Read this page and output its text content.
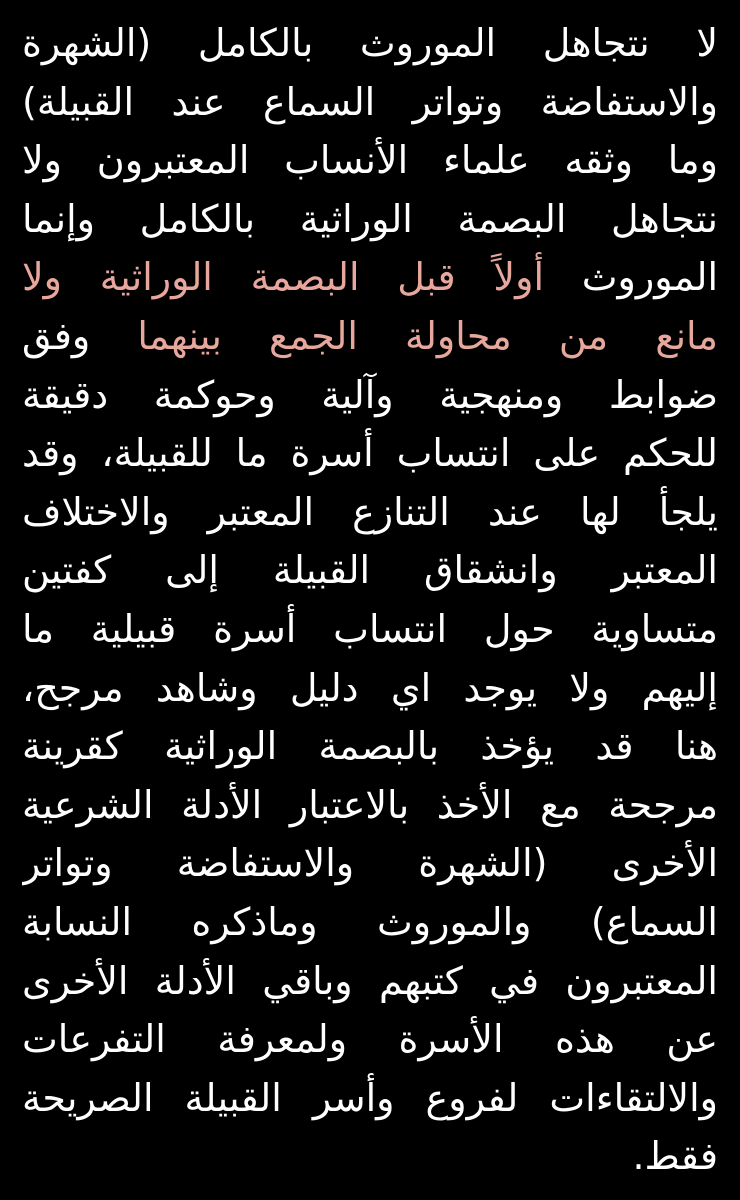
لا نتجاهل الموروث بالكامل (الشهرة
والاستفاضة وتواتر السماع عند القبيلة)
وما وثقه علماء الأنساب المعتبرون ولا
نتجاهل البصمة الوراثية بالكامل وإنما
الموروث أولاً قبل البصمة الوراثية ولا
مانع من محاولة الجمع بينهما وفق
ضوابط ومنهجية وآلية وحوكمة دقيقة
للحكم على انتساب أسرة ما للقبيلة، وقد
يلجأ لها عند التنازع المعتبر والاختلاف
المعتبر وانشقاق القبيلة إلى كفتين
متساوية حول انتساب أسرة قبيلية ما
إليهم ولا يوجد اي دليل وشاهد مرجح،
هنا قد يؤخذ بالبصمة الوراثية كقرينة
مرجحة مع الأخذ بالاعتبار الأدلة الشرعية
الأخرى (الشهرة والاستفاضة وتواتر
السماع) والموروث وماذكره النسابة
المعتبرون في كتبهم وباقي الأدلة الأخرى
عن هذه الأسرة ولمعرفة التفرعات
والالتقاءات لفروع وأسر القبيلة الصريحة
فقط.
